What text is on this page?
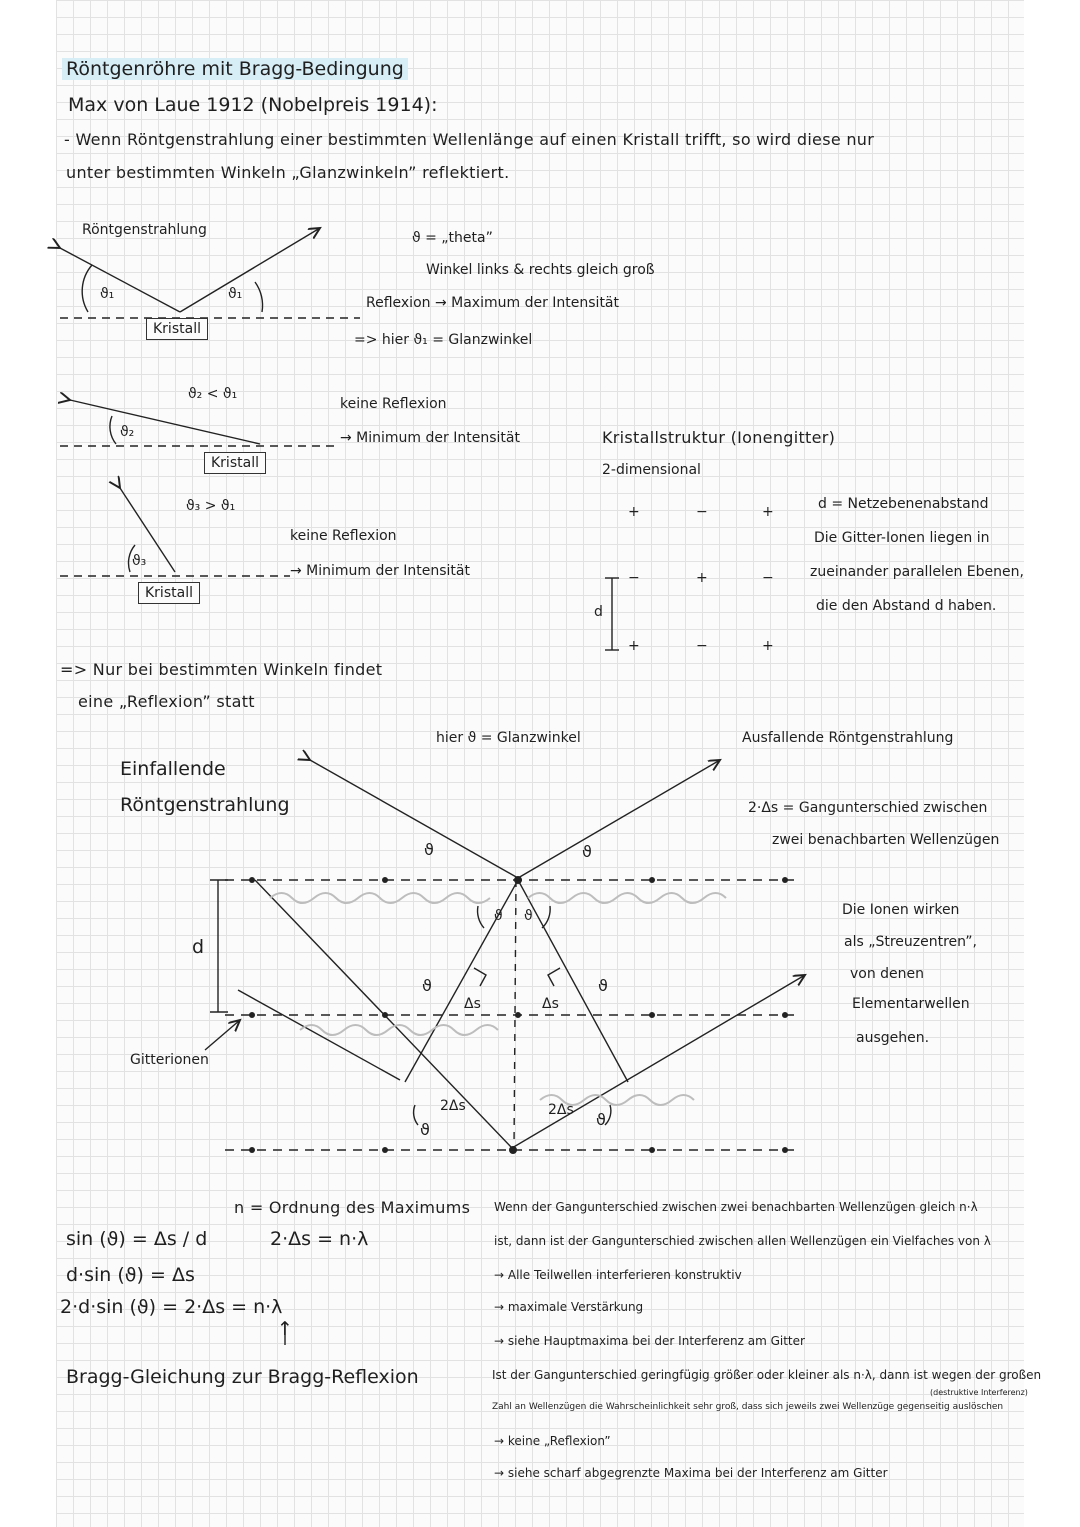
Röntgenröhre mit Bragg-Bedingung
Max von Laue 1912 (Nobelpreis 1914):
- Wenn Röntgenstrahlung einer bestimmten Wellenlänge auf einen Kristall trifft, so wird diese nur
unter bestimmten Winkeln „Glanzwinkeln” reflektiert.
Röntgenstrahlung
ϑ₁	ϑ₁
Kristall
ϑ = „theta”
Winkel links & rechts gleich groß
Reflexion → Maximum der Intensität
=> hier ϑ₁ = Glanzwinkel
ϑ₂ < ϑ₁
ϑ₂
Kristall
keine Reflexion
→ Minimum der Intensität
ϑ₃ > ϑ₁
ϑ₃
Kristall
keine Reflexion
→ Minimum der Intensität
Kristallstruktur (Ionengitter)
2-dimensional
+	−	+
−	+	−
+	−	+
d
d = Netzebenenabstand
Die Gitter-Ionen liegen in
zueinander parallelen Ebenen,
die den Abstand d haben.
=> Nur bei bestimmten Winkeln findet
eine „Reflexion” statt
Einfallende
Röntgenstrahlung
hier ϑ = Glanzwinkel	Ausfallende Röntgenstrahlung
2·Δs = Gangunterschied zwischen
zwei benachbarten Wellenzügen
Die Ionen wirken
als „Streuzentren”,
von denen
Elementarwellen
ausgehen.
d
Gitterionen
ϑ	ϑ
ϑ ϑ
ϑ	ϑ
ϑ
ϑ
Δs	Δs
2Δs	2Δs
n = Ordnung des Maximums
2·Δs = n·λ
sin (ϑ) = Δs / d
d·sin (ϑ) = Δs
2·d·sin (ϑ) = 2·Δs = n·λ
↑
Bragg-Gleichung zur Bragg-Reflexion
Wenn der Gangunterschied zwischen zwei benachbarten Wellenzügen gleich n·λ
ist, dann ist der Gangunterschied zwischen allen Wellenzügen ein Vielfaches von λ
→ Alle Teilwellen interferieren konstruktiv
→ maximale Verstärkung
→ siehe Hauptmaxima bei der Interferenz am Gitter
Ist der Gangunterschied geringfügig größer oder kleiner als n·λ, dann ist wegen der großen
Zahl an Wellenzügen die Wahrscheinlichkeit sehr groß, dass sich jeweils zwei Wellenzüge gegenseitig auslöschen
(destruktive Interferenz)
→ keine „Reflexion”
→ siehe scharf abgegrenzte Maxima bei der Interferenz am Gitter
